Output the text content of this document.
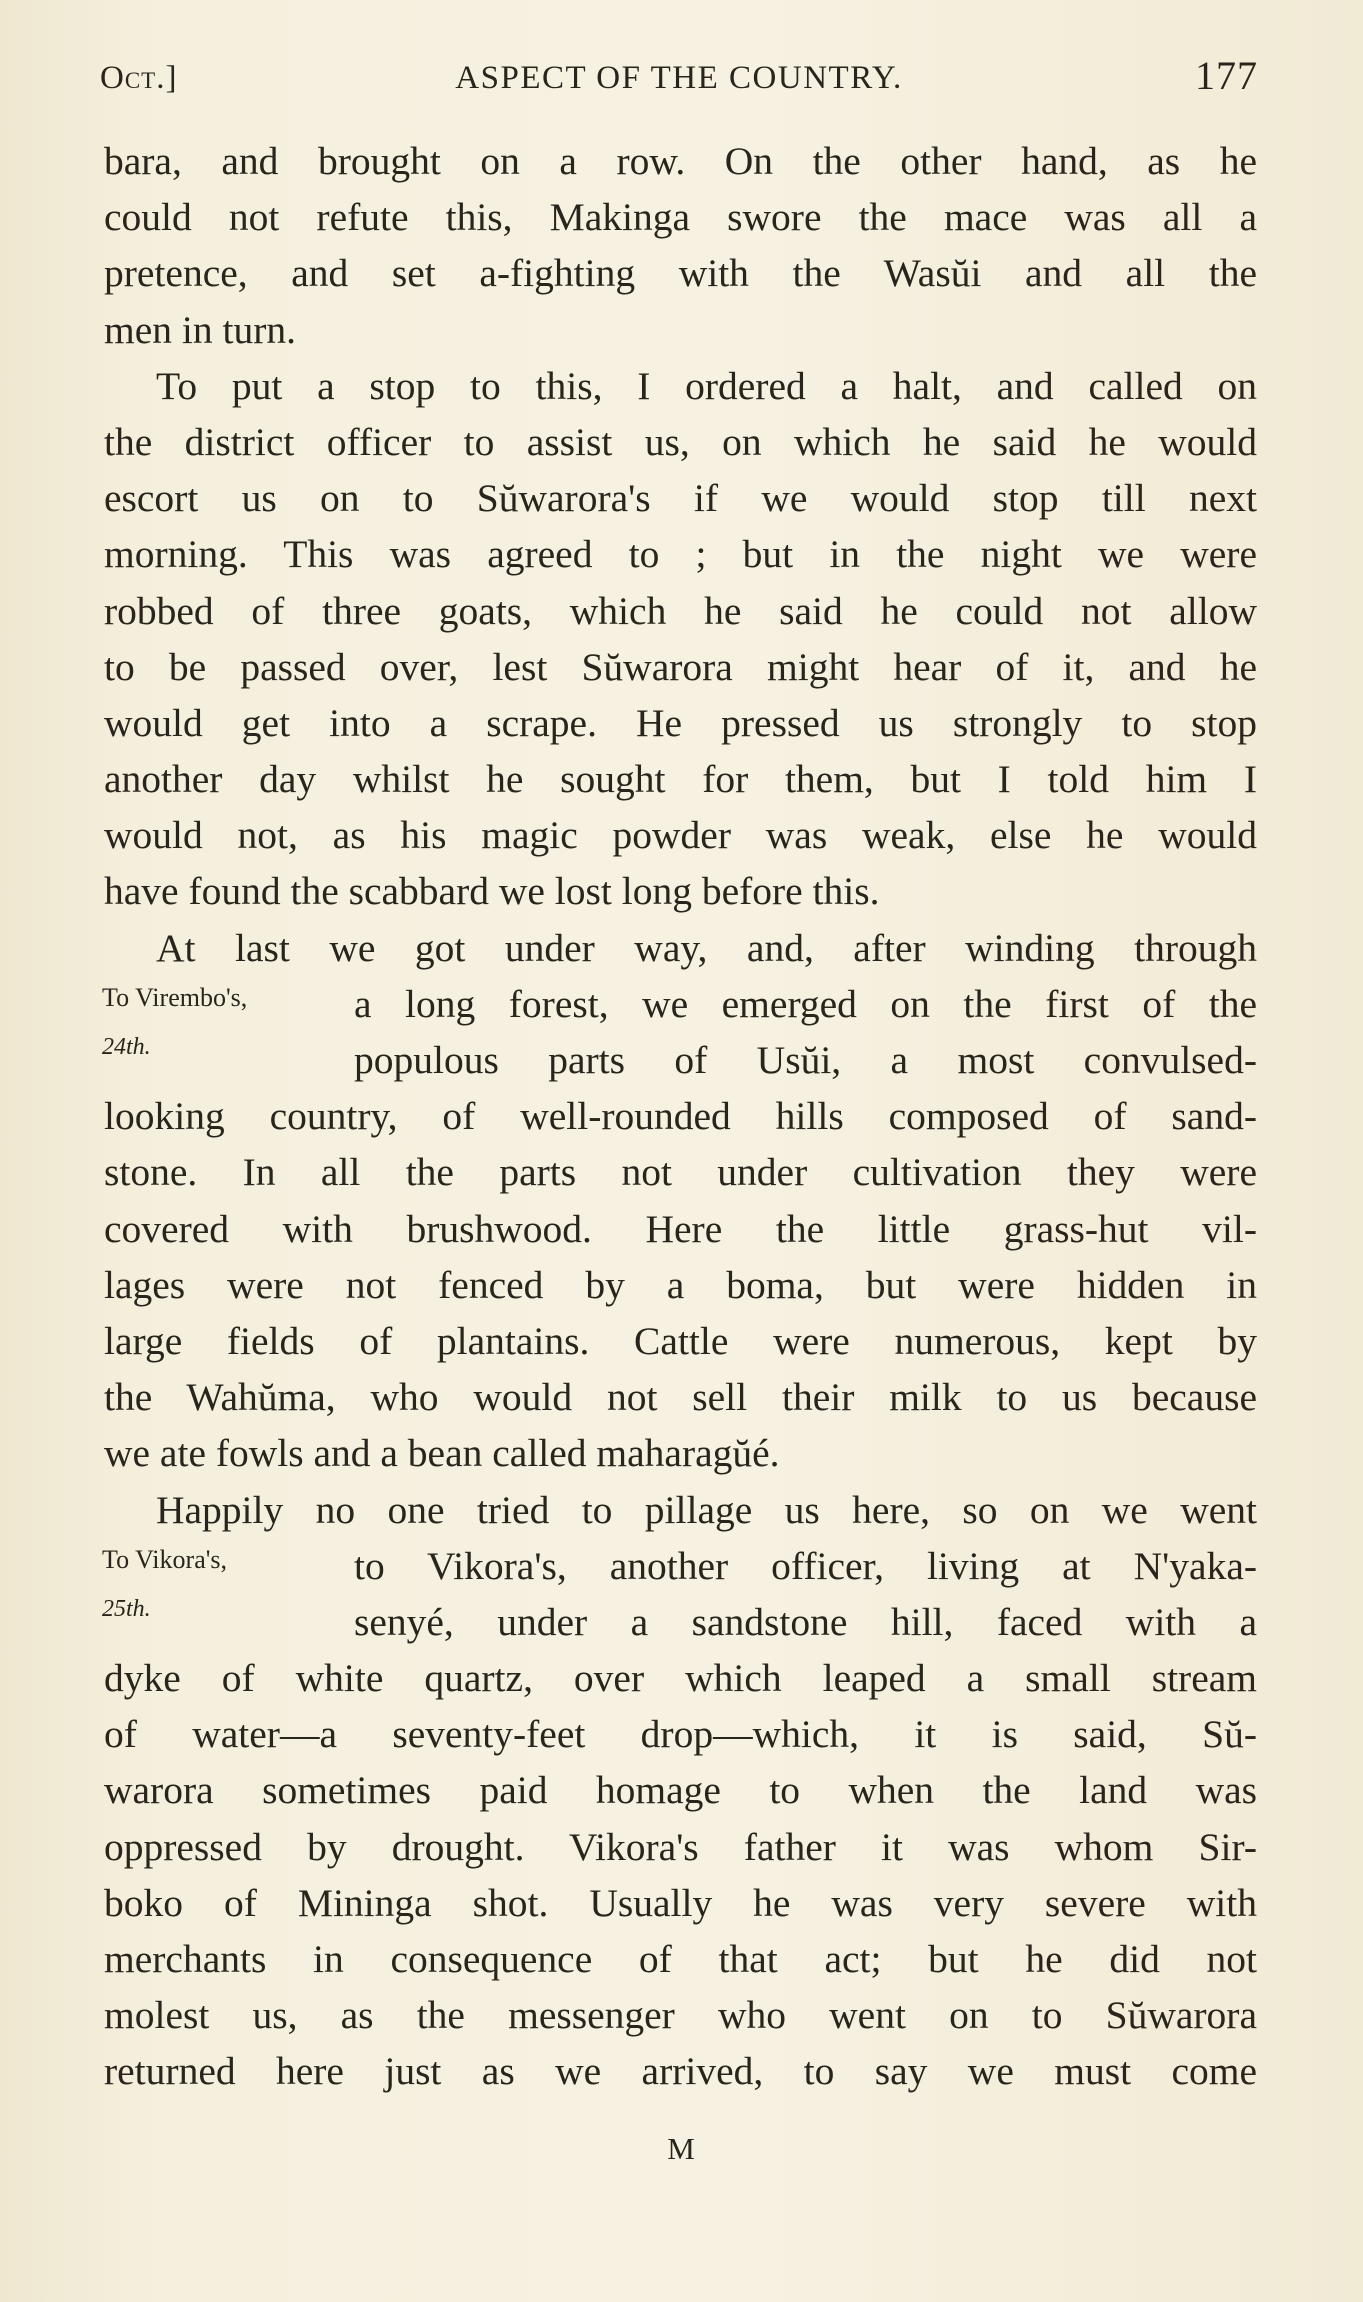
Oct.]	ASPECT OF THE COUNTRY.	177
bara, and brought on a row. On the other hand, as he
could not refute this, Makinga swore the mace was all a
pretence, and set a-fighting with the Wasŭi and all the
men in turn.
To put a stop to this, I ordered a halt, and called on
the district officer to assist us, on which he said he would
escort us on to Sŭwarora's if we would stop till next
morning. This was agreed to ; but in the night we were
robbed of three goats, which he said he could not allow
to be passed over, lest Sŭwarora might hear of it, and he
would get into a scrape. He pressed us strongly to stop
another day whilst he sought for them, but I told him I
would not, as his magic powder was weak, else he would
have found the scabbard we lost long before this.
At last we got under way, and, after winding through
To Virembo's,	a long forest, we emerged on the first of the
24th.	populous parts of Usŭi, a most convulsed-
looking country, of well-rounded hills composed of sand-
stone. In all the parts not under cultivation they were
covered with brushwood. Here the little grass-hut vil-
lages were not fenced by a boma, but were hidden in
large fields of plantains. Cattle were numerous, kept by
the Wahŭma, who would not sell their milk to us because
we ate fowls and a bean called maharagŭé.
Happily no one tried to pillage us here, so on we went
To Vikora's,	to Vikora's, another officer, living at N'yaka-
25th.	senyé, under a sandstone hill, faced with a
dyke of white quartz, over which leaped a small stream
of water—a seventy-feet drop—which, it is said, Sŭ-
warora sometimes paid homage to when the land was
oppressed by drought. Vikora's father it was whom Sir-
boko of Mininga shot. Usually he was very severe with
merchants in consequence of that act; but he did not
molest us, as the messenger who went on to Sŭwarora
returned here just as we arrived, to say we must come
M
